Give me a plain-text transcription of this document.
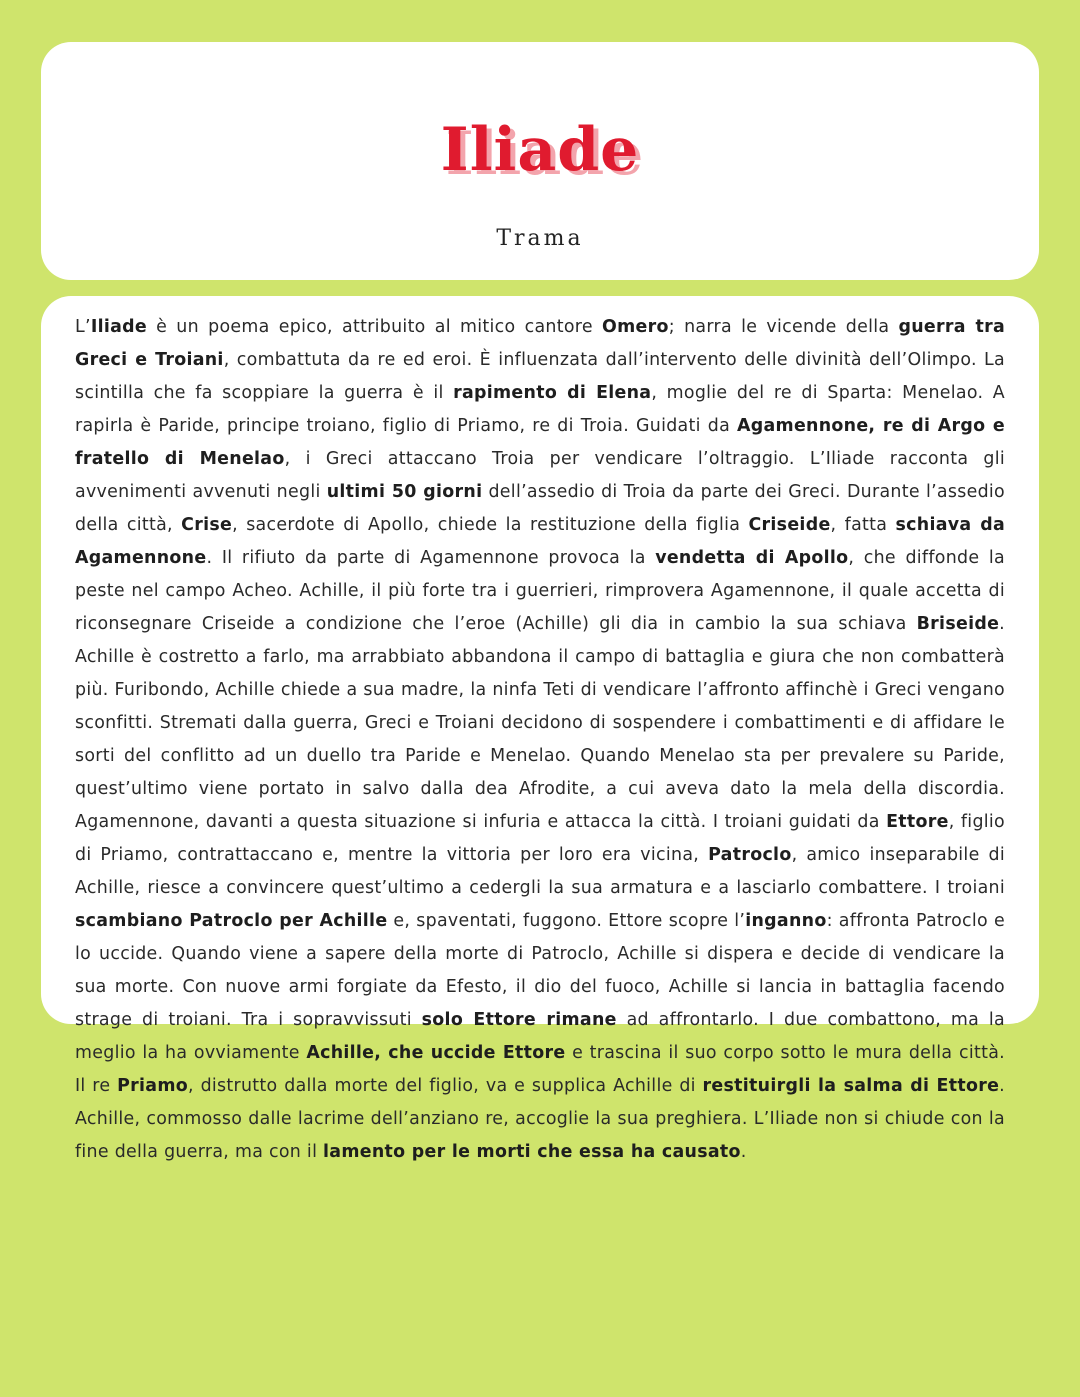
Iliade
Trama

L’Iliade è un poema epico, attribuito al mitico cantore Omero; narra le vicende della guerra tra Greci e Troiani, combattuta da re ed eroi. È influenzata dall’intervento delle divinità dell’Olimpo. La scintilla che fa scoppiare la guerra è il rapimento di Elena, moglie del re di Sparta: Menelao. A rapirla è Paride, principe troiano, figlio di Priamo, re di Troia. Guidati da Agamennone, re di Argo e fratello di Menelao, i Greci attaccano Troia per vendicare l’oltraggio. L’Iliade racconta gli avvenimenti avvenuti negli ultimi 50 giorni dell’assedio di Troia da parte dei Greci. Durante l’assedio della città, Crise, sacerdote di Apollo, chiede la restituzione della figlia Criseide, fatta schiava da Agamennone. Il rifiuto da parte di Agamennone provoca la vendetta di Apollo, che diffonde la peste nel campo Acheo. Achille, il più forte tra i guerrieri, rimprovera Agamennone, il quale accetta di riconsegnare Criseide a condizione che l’eroe (Achille) gli dia in cambio la sua schiava Briseide. Achille è costretto a farlo, ma arrabbiato abbandona il campo di battaglia e giura che non combatterà più. Furibondo, Achille chiede a sua madre, la ninfa Teti di vendicare l’affronto affinchè i Greci vengano sconfitti. Stremati dalla guerra, Greci e Troiani decidono di sospendere i combattimenti e di affidare le sorti del conflitto ad un duello tra Paride e Menelao. Quando Menelao sta per prevalere su Paride, quest’ultimo viene portato in salvo dalla dea Afrodite, a cui aveva dato la mela della discordia. Agamennone, davanti a questa situazione si infuria e attacca la città. I troiani guidati da Ettore, figlio di Priamo, contrattaccano e, mentre la vittoria per loro era vicina, Patroclo, amico inseparabile di Achille, riesce a convincere quest’ultimo a cedergli la sua armatura e a lasciarlo combattere. I troiani scambiano Patroclo per Achille e, spaventati, fuggono. Ettore scopre l’inganno: affronta Patroclo e lo uccide. Quando viene a sapere della morte di Patroclo, Achille si dispera e decide di vendicare la sua morte. Con nuove armi forgiate da Efesto, il dio del fuoco, Achille si lancia in battaglia facendo strage di troiani. Tra i sopravvissuti solo Ettore rimane ad affrontarlo. I due combattono, ma la meglio la ha ovviamente Achille, che uccide Ettore e trascina il suo corpo sotto le mura della città. Il re Priamo, distrutto dalla morte del figlio, va e supplica Achille di restituirgli la salma di Ettore. Achille, commosso dalle lacrime dell’anziano re, accoglie la sua preghiera. L’Iliade non si chiude con la fine della guerra, ma con il lamento per le morti che essa ha causato.
